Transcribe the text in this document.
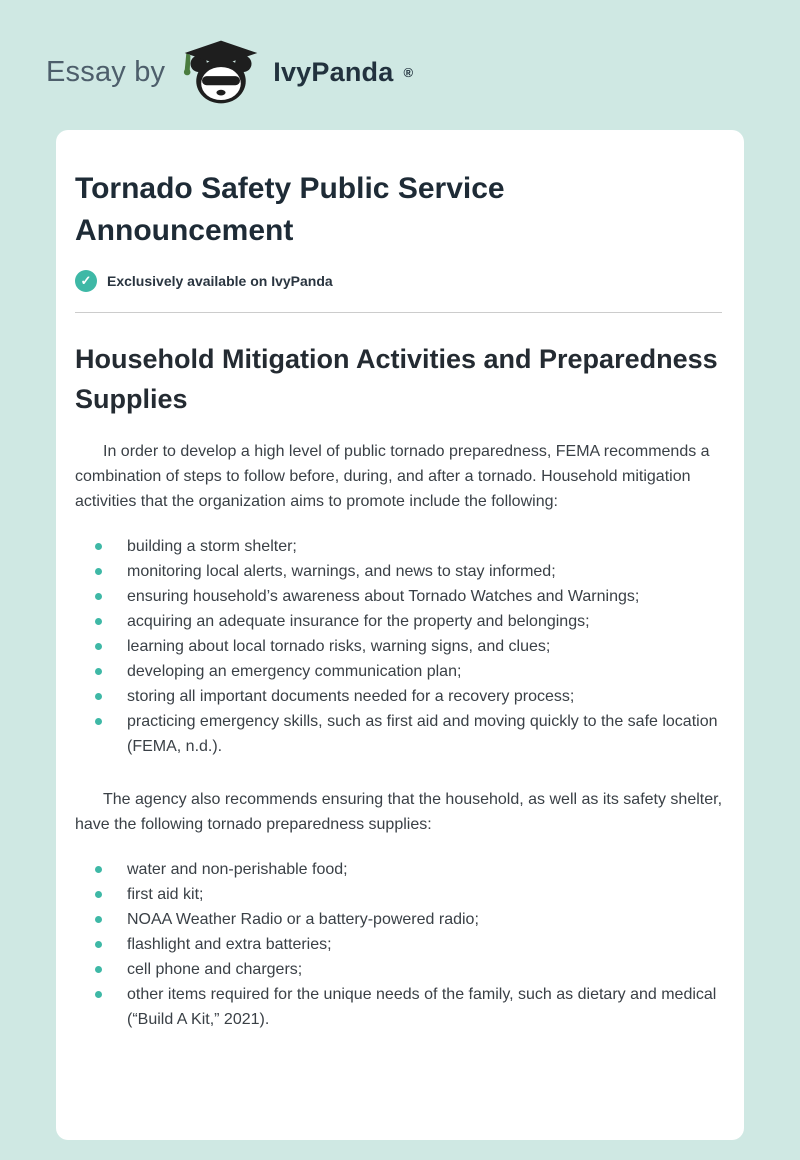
Essay by	IvyPanda ®
Tornado Safety Public Service Announcement
✓	Exclusively available on IvyPanda
Household Mitigation Activities and Preparedness Supplies

In order to develop a high level of public tornado preparedness, FEMA recommends a combination of steps to follow before, during, and after a tornado. Household mitigation activities that the organization aims to promote include the following:

building a storm shelter;
monitoring local alerts, warnings, and news to stay informed;
ensuring household’s awareness about Tornado Watches and Warnings;
acquiring an adequate insurance for the property and belongings;
learning about local tornado risks, warning signs, and clues;
developing an emergency communication plan;
storing all important documents needed for a recovery process;
practicing emergency skills, such as first aid and moving quickly to the safe location (FEMA, n.d.).

The agency also recommends ensuring that the household, as well as its safety shelter, have the following tornado preparedness supplies:

water and non-perishable food;
first aid kit;
NOAA Weather Radio or a battery-powered radio;
flashlight and extra batteries;
cell phone and chargers;
other items required for the unique needs of the family, such as dietary and medical (“Build A Kit,” 2021).
